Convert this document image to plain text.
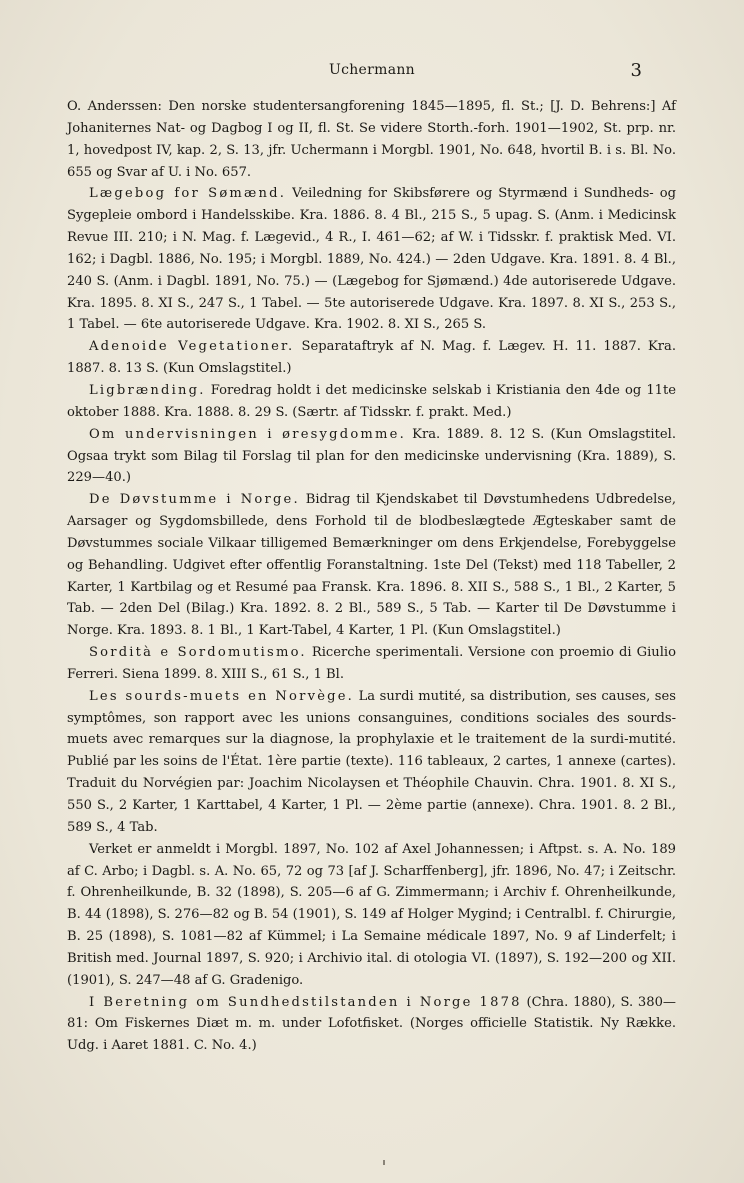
Uchermann	3

O. Anderssen: Den norske studentersangforening 1845—1895, fl. St.; [J. D. Behrens:] Af Johaniternes Nat- og Dagbog I og II, fl. St. Se videre Storth.-forh. 1901—1902, St. prp. nr. 1, hovedpost IV, kap. 2, S. 13, jfr. Uchermann i Morgbl. 1901, No. 648, hvortil B. i s. Bl. No. 655 og Svar af U. i No. 657.

Lægebog for Sømænd. Veiledning for Skibsførere og Styrmænd i Sundheds- og Sygepleie ombord i Handelsskibe. Kra. 1886. 8. 4 Bl., 215 S., 5 upag. S. (Anm. i Medicinsk Revue III. 210; i N. Mag. f. Lægevid., 4 R., I. 461—62; af W. i Tidsskr. f. praktisk Med. VI. 162; i Dagbl. 1886, No. 195; i Morgbl. 1889, No. 424.) — 2den Udgave. Kra. 1891. 8. 4 Bl., 240 S. (Anm. i Dagbl. 1891, No. 75.) — (Lægebog for Sjømænd.) 4de autoriserede Udgave. Kra. 1895. 8. XI S., 247 S., 1 Tabel. — 5te autoriserede Udgave. Kra. 1897. 8. XI S., 253 S., 1 Tabel. — 6te autoriserede Udgave. Kra. 1902. 8. XI S., 265 S.

Adenoide Vegetationer. Separataftryk af N. Mag. f. Lægev. H. 11. 1887. Kra. 1887. 8. 13 S. (Kun Omslagstitel.)

Ligbrænding. Foredrag holdt i det medicinske selskab i Kristiania den 4de og 11te oktober 1888. Kra. 1888. 8. 29 S. (Særtr. af Tidsskr. f. prakt. Med.)

Om undervisningen i øresygdomme. Kra. 1889. 8. 12 S. (Kun Omslagstitel. Ogsaa trykt som Bilag til Forslag til plan for den medicinske undervisning (Kra. 1889), S. 229—40.)

De Døvstumme i Norge. Bidrag til Kjendskabet til Døvstumhedens Udbredelse, Aarsager og Sygdomsbillede, dens Forhold til de blodbeslægtede Ægteskaber samt de Døvstummes sociale Vilkaar tilligemed Bemærkninger om dens Erkjendelse, Forebyggelse og Behandling. Udgivet efter offentlig Foranstaltning. 1ste Del (Tekst) med 118 Tabeller, 2 Karter, 1 Kartbilag og et Resumé paa Fransk. Kra. 1896. 8. XII S., 588 S., 1 Bl., 2 Karter, 5 Tab. — 2den Del (Bilag.) Kra. 1892. 8. 2 Bl., 589 S., 5 Tab. — Karter til De Døvstumme i Norge. Kra. 1893. 8. 1 Bl., 1 Kart-Tabel, 4 Karter, 1 Pl. (Kun Omslagstitel.)

Sordità e Sordomutismo. Ricerche sperimentali. Versione con proemio di Giulio Ferreri. Siena 1899. 8. XIII S., 61 S., 1 Bl.

Les sourds-muets en Norvège. La surdi mutité, sa distribution, ses causes, ses symptômes, son rapport avec les unions consanguines, conditions sociales des sourds-muets avec remarques sur la diagnose, la prophylaxie et le traitement de la surdi-mutité. Publié par les soins de l'État. 1ère partie (texte). 116 tableaux, 2 cartes, 1 annexe (cartes). Traduit du Norvégien par: Joachim Nicolaysen et Théophile Chauvin. Chra. 1901. 8. XI S., 550 S., 2 Karter, 1 Karttabel, 4 Karter, 1 Pl. — 2ème partie (annexe). Chra. 1901. 8. 2 Bl., 589 S., 4 Tab.

Verket er anmeldt i Morgbl. 1897, No. 102 af Axel Johannessen; i Aftpst. s. A. No. 189 af C. Arbo; i Dagbl. s. A. No. 65, 72 og 73 [af J. Scharffenberg], jfr. 1896, No. 47; i Zeitschr. f. Ohrenheilkunde, B. 32 (1898), S. 205—6 af G. Zimmermann; i Archiv f. Ohrenheilkunde, B. 44 (1898), S. 276—82 og B. 54 (1901), S. 149 af Holger Mygind; i Centralbl. f. Chirurgie, B. 25 (1898), S. 1081—82 af Kümmel; i La Semaine médicale 1897, No. 9 af Linderfelt; i British med. Journal 1897, S. 920; i Archivio ital. di otologia VI. (1897), S. 192—200 og XII. (1901), S. 247—48 af G. Gradenigo.

I Beretning om Sundhedstilstanden i Norge 1878 (Chra. 1880), S. 380—81: Om Fiskernes Diæt m. m. under Lofotfisket. (Norges officielle Statistik. Ny Række. Udg. i Aaret 1881. C. No. 4.)
